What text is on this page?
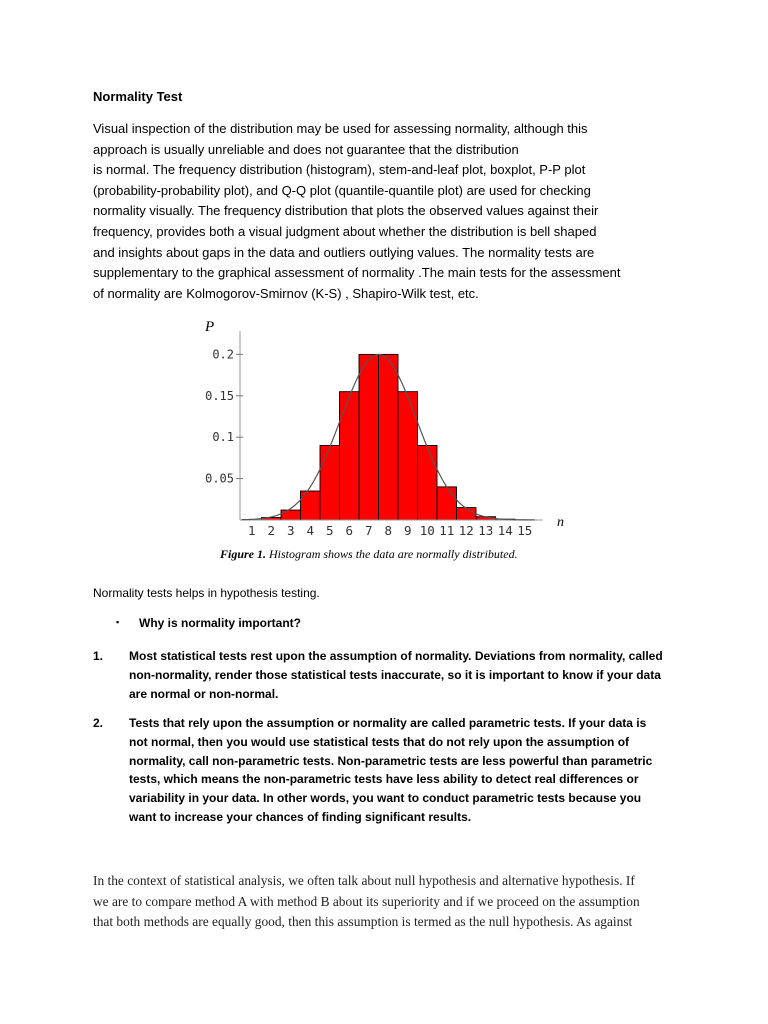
Normality Test

Visual inspection of the distribution may be used for assessing normality, although this
approach is usually unreliable and does not guarantee that the distribution
is normal. The frequency distribution (histogram), stem-and-leaf plot, boxplot, P-P plot
(probability-probability plot), and Q-Q plot (quantile-quantile plot) are used for checking
normality visually. The frequency distribution that plots the observed values against their
frequency, provides both a visual judgment about whether the distribution is bell shaped
and insights about gaps in the data and outliers outlying values. The normality tests are
supplementary to the graphical assessment of normality .The main tests for the assessment
of normality are Kolmogorov-Smirnov (K-S) , Shapiro-Wilk test, etc.

P
n
0.05
0.1
0.15
0.2
1 2 3 4 5 6 7 8 9 10 11 12 13 14 15
Figure 1. Histogram shows the data are normally distributed.
Normality tests helps in hypothesis testing.
▪ Why is normality important?
1. Most statistical tests rest upon the assumption of normality. Deviations from normality, called
non-normality, render those statistical tests inaccurate, so it is important to know if your data
are normal or non-normal.
2. Tests that rely upon the assumption or normality are called parametric tests. If your data is
not normal, then you would use statistical tests that do not rely upon the assumption of
normality, call non-parametric tests. Non-parametric tests are less powerful than parametric
tests, which means the non-parametric tests have less ability to detect real differences or
variability in your data. In other words, you want to conduct parametric tests because you
want to increase your chances of finding significant results.
In the context of statistical analysis, we often talk about null hypothesis and alternative hypothesis. If
we are to compare method A with method B about its superiority and if we proceed on the assumption
that both methods are equally good, then this assumption is termed as the null hypothesis. As against
